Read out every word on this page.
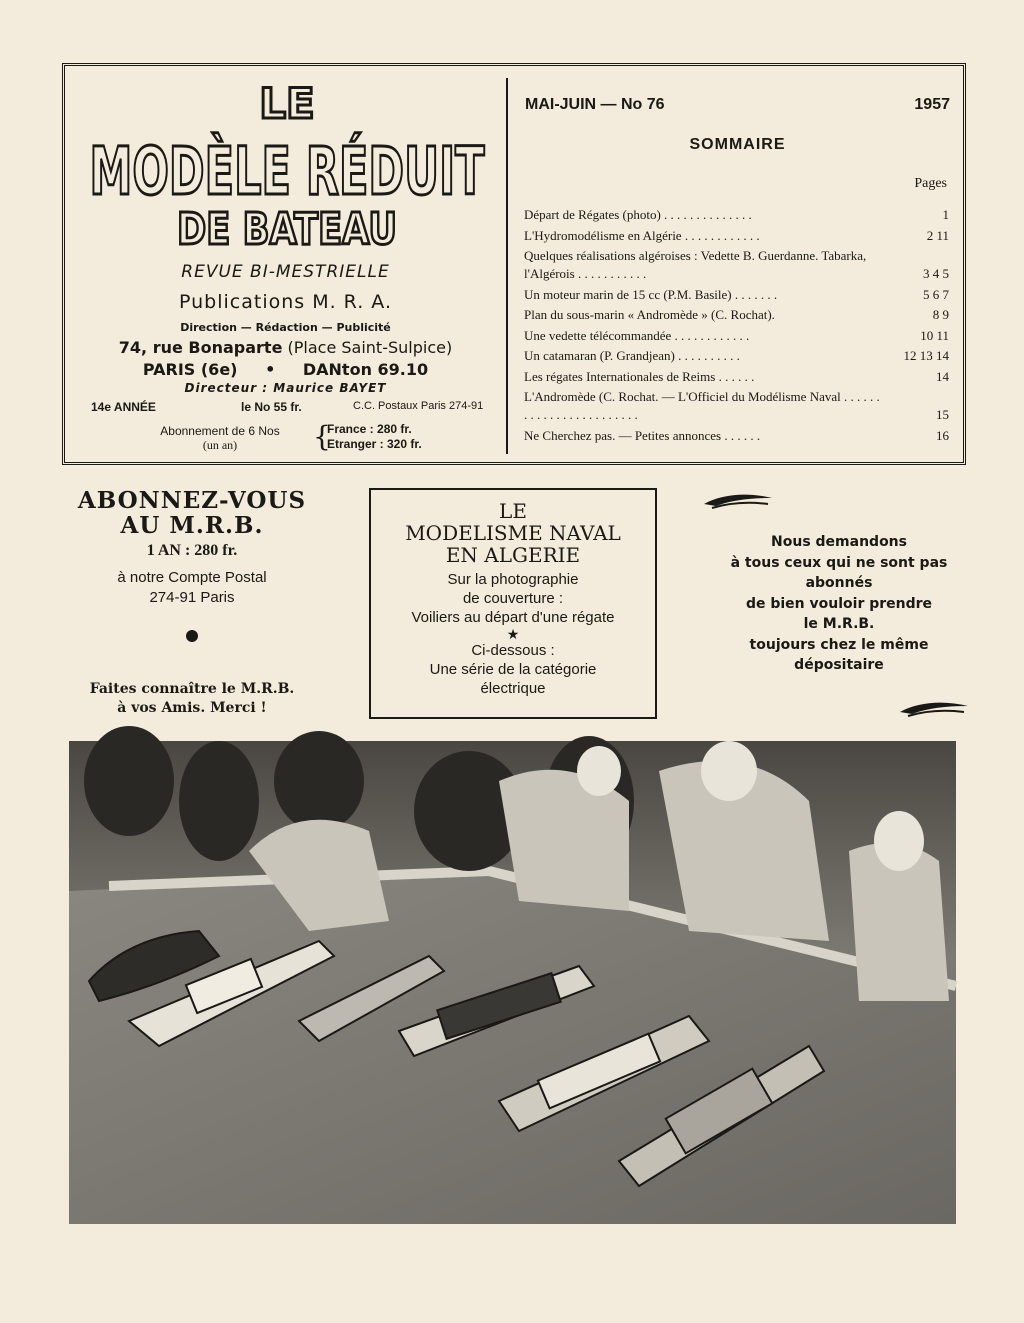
LE
MODÈLE RÉDUIT
DE BATEAU
REVUE BI-MESTRIELLE
Publications M. R. A.
Direction — Rédaction — Publicité
74, rue Bonaparte (Place Saint-Sulpice)
PARIS (6e) • DANton 69.10
Directeur : Maurice BAYET
14e ANNÉE	le No 55 fr.	C.C. Postaux Paris 274-91
Abonnement de 6 Nos
(un an)	{
France : 280 fr.
Etranger : 320 fr.
MAI-JUIN — No 76	1957
SOMMAIRE
Pages
Départ de Régates (photo) . . . . . . . . . . . . . .	1
L'Hydromodélisme en Algérie . . . . . . . . . . . .	2 11
Quelques réalisations algéroises : Vedette B. Guerdanne. Tabarka, l'Algérois . . . . . . . . . . .	3 4 5
Un moteur marin de 15 cc (P.M. Basile) . . . . . . .	5 6 7
Plan du sous-marin « Andromède » (C. Rochat).	8 9
Une vedette télécommandée . . . . . . . . . . . .	10 11
Un catamaran (P. Grandjean) . . . . . . . . . .	12 13 14
Les régates Internationales de Reims . . . . . .	14
L'Andromède (C. Rochat. — L'Officiel du Modélisme Naval . . . . . . . . . . . . . . . . . . . . . . . .	15
Ne Cherchez pas. — Petites annonces . . . . . .	16
ABONNEZ-VOUS
AU M.R.B.
1 AN : 280 fr.
à notre Compte Postal
274-91 Paris
Faites connaître le M.R.B.
à vos Amis. Merci !
LE
MODELISME NAVAL
EN ALGERIE
Sur la photographie
de couverture :
Voiliers au départ d'une régate
★
Ci-dessous :
Une série de la catégorie
électrique
Nous demandons
à tous ceux qui ne sont pas
abonnés
de bien vouloir prendre
le M.R.B.
toujours chez le même
dépositaire
